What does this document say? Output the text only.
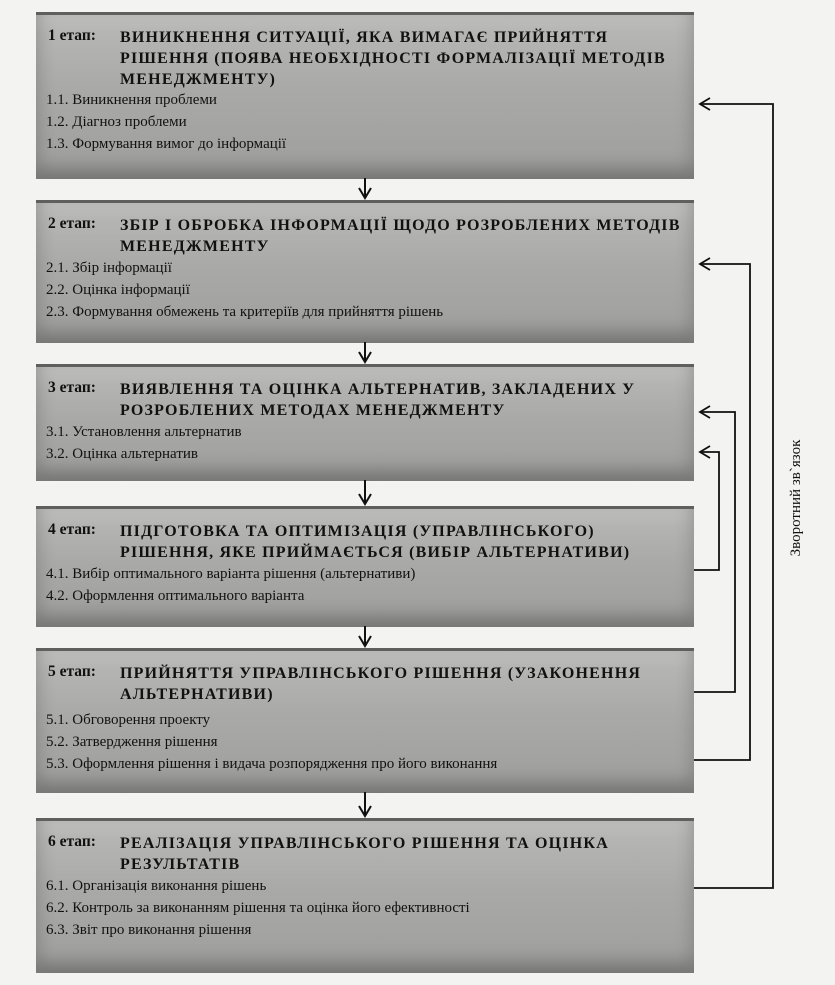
1 етап: ВИНИКНЕННЯ СИТУАЦІЇ, ЯКА ВИМАГАЄ ПРИЙНЯТТЯ РІШЕННЯ (ПОЯВА НЕОБХІДНОСТІ ФОРМАЛІЗАЦІЇ МЕТОДІВ МЕНЕДЖМЕНТУ)
1.1. Виникнення проблеми
1.2. Діагноз проблеми
1.3. Формування вимог до інформації
2 етап: ЗБІР І ОБРОБКА ІНФОРМАЦІЇ ЩОДО РОЗРОБЛЕНИХ МЕТОДІВ МЕНЕДЖМЕНТУ
2.1. Збір інформації
2.2. Оцінка інформації
2.3. Формування обмежень та критеріїв для прийняття рішень
3 етап: ВИЯВЛЕННЯ ТА ОЦІНКА АЛЬТЕРНАТИВ, ЗАКЛАДЕНИХ У РОЗРОБЛЕНИХ МЕТОДАХ МЕНЕДЖМЕНТУ
3.1. Установлення альтернатив
3.2. Оцінка альтернатив
4 етап: ПІДГОТОВКА ТА ОПТИМІЗАЦІЯ (УПРАВЛІНСЬКОГО) РІШЕННЯ, ЯКЕ ПРИЙМАЄТЬСЯ (ВИБІР АЛЬТЕРНАТИВИ)
4.1. Вибір оптимального варіанта рішення (альтернативи)
4.2. Оформлення оптимального варіанта
5 етап: ПРИЙНЯТТЯ УПРАВЛІНСЬКОГО РІШЕННЯ (УЗАКОНЕННЯ АЛЬТЕРНАТИВИ)
5.1. Обговорення проекту
5.2. Затвердження рішення
5.3. Оформлення рішення і видача розпорядження про його виконання
6 етап: РЕАЛІЗАЦІЯ УПРАВЛІНСЬКОГО РІШЕННЯ ТА ОЦІНКА РЕЗУЛЬТАТІВ
6.1. Організація виконання рішень
6.2. Контроль за виконанням рішення та оцінка його ефективності
6.3. Звіт про виконання рішення
Зворотний зв`язок
